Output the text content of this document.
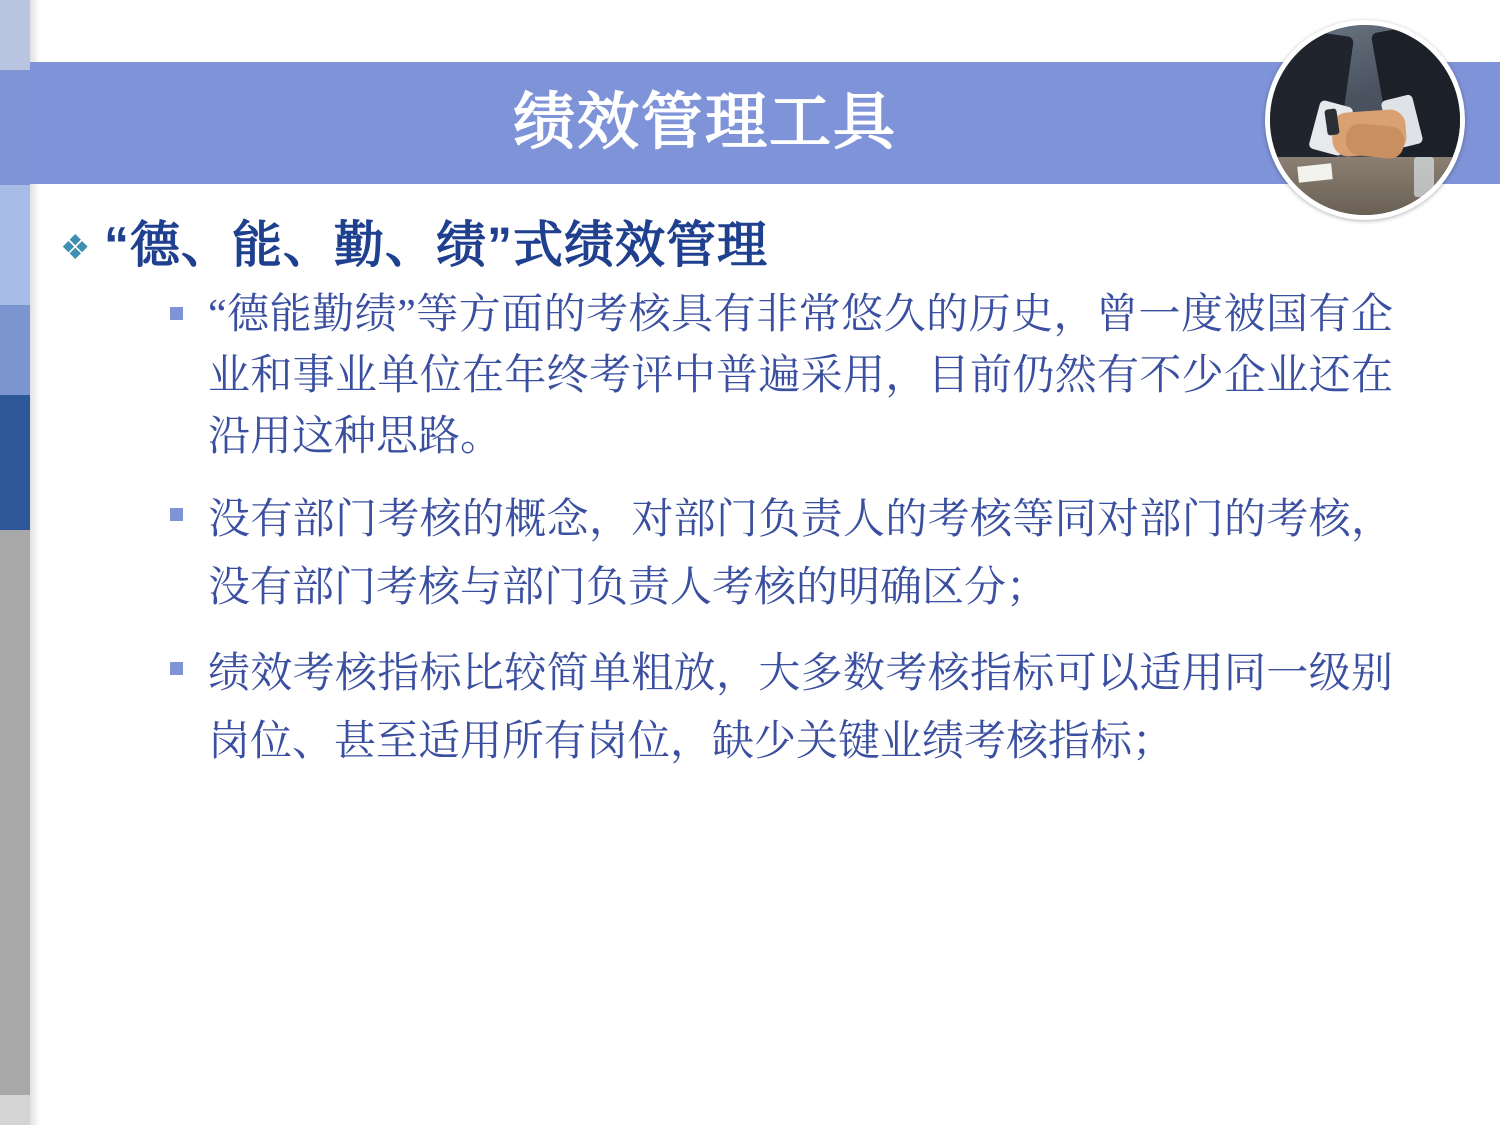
绩效管理工具
❖ “德、能、勤、绩”式绩效管理
“德能勤绩”等方面的考核具有非常悠久的历史，曾一度被国有企业和事业单位在年终考评中普遍采用，目前仍然有不少企业还在沿用这种思路。
没有部门考核的概念，对部门负责人的考核等同对部门的考核，没有部门考核与部门负责人考核的明确区分；
绩效考核指标比较简单粗放，大多数考核指标可以适用同一级别岗位、甚至适用所有岗位，缺少关键业绩考核指标；
